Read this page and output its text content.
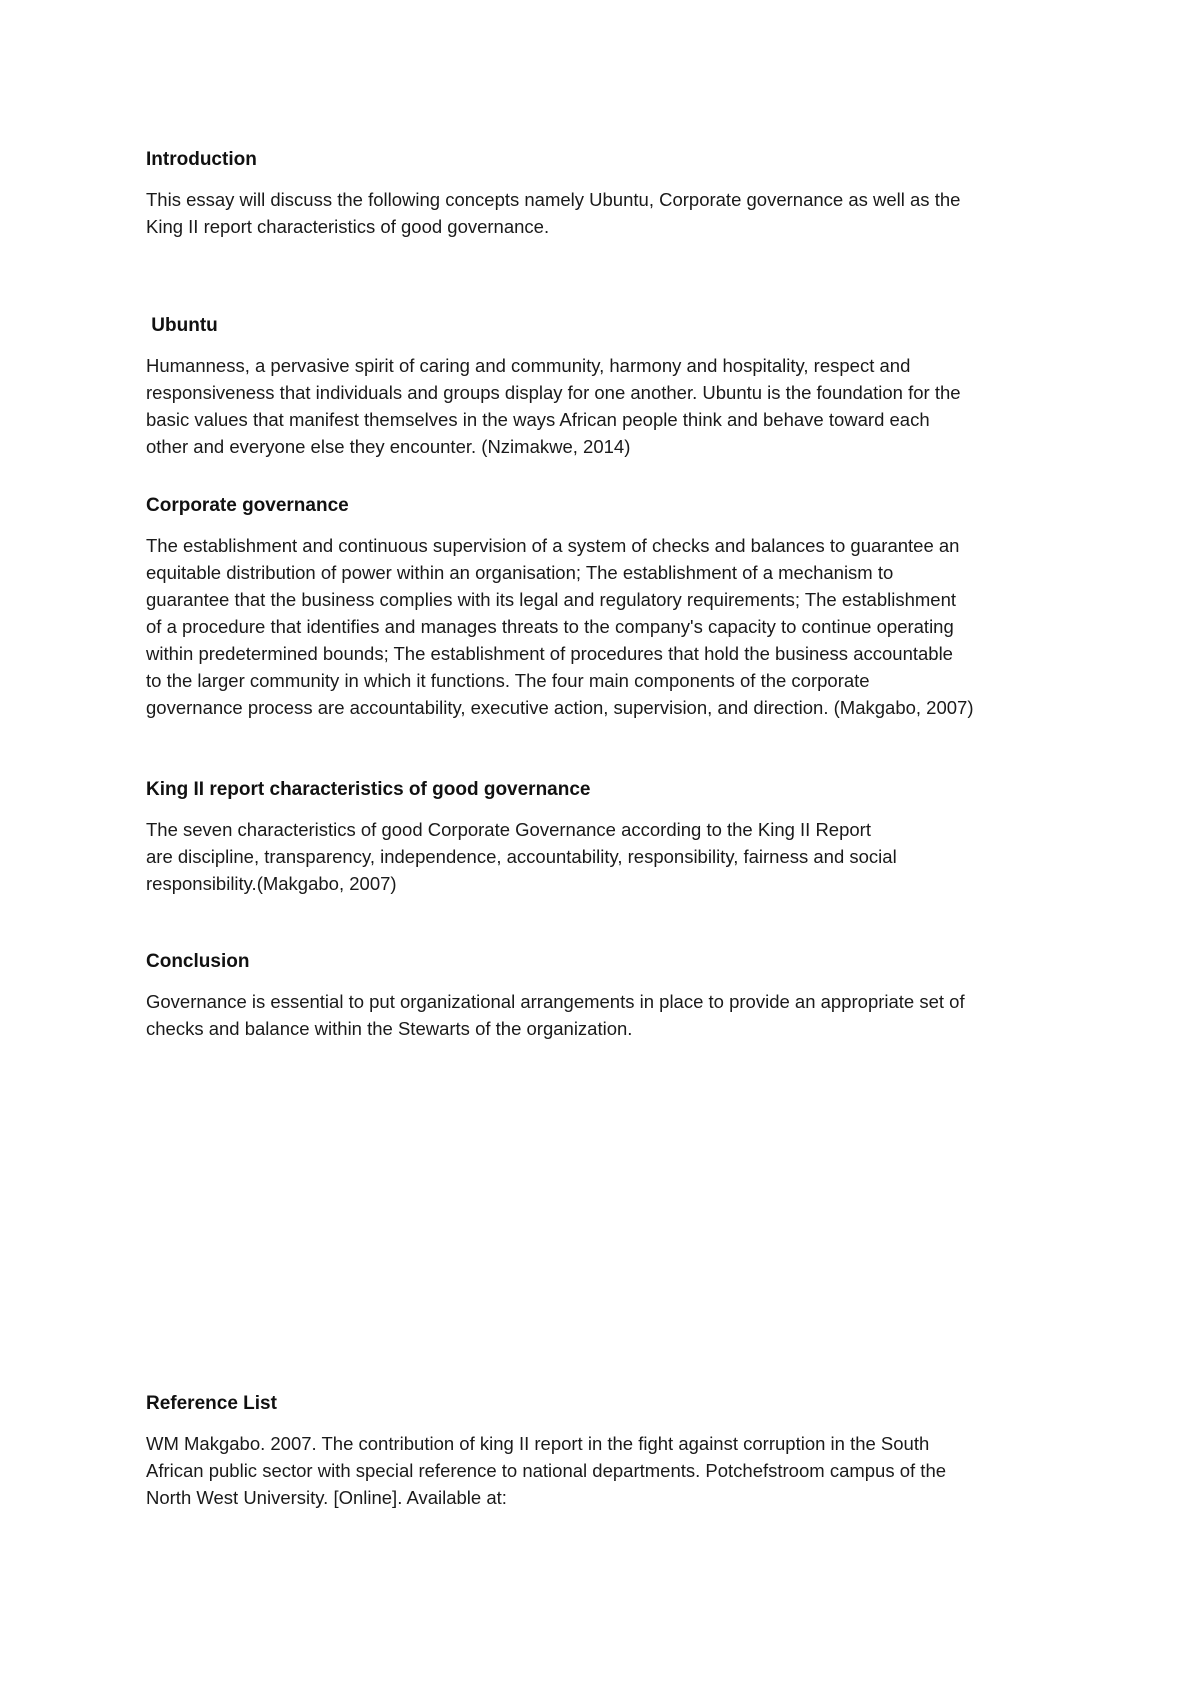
Introduction

This essay will discuss the following concepts namely Ubuntu, Corporate governance as well as the
King II report characteristics of good governance.

Ubuntu

Humanness, a pervasive spirit of caring and community, harmony and hospitality, respect and
responsiveness that individuals and groups display for one another. Ubuntu is the foundation for the
basic values that manifest themselves in the ways African people think and behave toward each
other and everyone else they encounter. (Nzimakwe, 2014)

Corporate governance

The establishment and continuous supervision of a system of checks and balances to guarantee an
equitable distribution of power within an organisation; The establishment of a mechanism to
guarantee that the business complies with its legal and regulatory requirements; The establishment
of a procedure that identifies and manages threats to the company's capacity to continue operating
within predetermined bounds; The establishment of procedures that hold the business accountable
to the larger community in which it functions. The four main components of the corporate
governance process are accountability, executive action, supervision, and direction. (Makgabo, 2007)

King II report characteristics of good governance

The seven characteristics of good Corporate Governance according to the King II Report
are discipline, transparency, independence, accountability, responsibility, fairness and social
responsibility.(Makgabo, 2007)

Conclusion

Governance is essential to put organizational arrangements in place to provide an appropriate set of
checks and balance within the Stewarts of the organization.

Reference List

WM Makgabo. 2007. The contribution of king II report in the fight against corruption in the South
African public sector with special reference to national departments. Potchefstroom campus of the
North West University. [Online]. Available at:
